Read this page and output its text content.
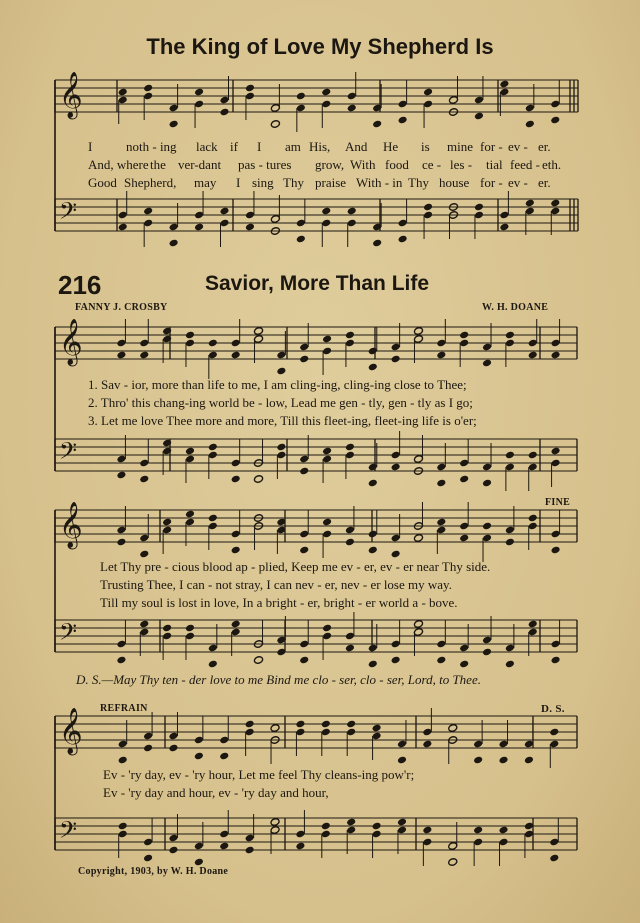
𝄞
𝄢
𝄞
𝄢
𝄞
𝄢
𝄞
𝄢
The King of Love My Shepherd Is
I	noth - ing lack if I am His, And He is mine for - ev - er.
And, where the ver-dant pas - tures grow, With food ce - les - tial feed - eth.
Good Shepherd, may I sing Thy praise With - in Thy house for - ev - er.
216	Savior, More Than Life
FANNY J. CROSBY	W. H. DOANE
1. Sav - ior, more than life to me, I am cling-ing, cling-ing close to Thee;
2. Thro' this chang-ing world be - low, Lead me gen - tly, gen - tly as I go;
3. Let me love Thee more and more, Till this fleet-ing, fleet-ing life is o'er;
FINE
Let Thy pre - cious blood ap - plied, Keep me ev - er, ev - er near Thy side.
Trusting Thee, I can - not stray, I can nev - er, nev - er lose my way.
Till my soul is lost in love, In a bright - er, bright - er world a - bove.
D. S.—May Thy ten - der love to me Bind me clo - ser, clo - ser, Lord, to Thee.
REFRAIN	D. S.
Ev - 'ry day, ev - 'ry hour, Let me feel Thy cleans-ing pow'r;
Ev - 'ry day and hour, ev - 'ry day and hour,
Copyright, 1903, by W. H. Doane
